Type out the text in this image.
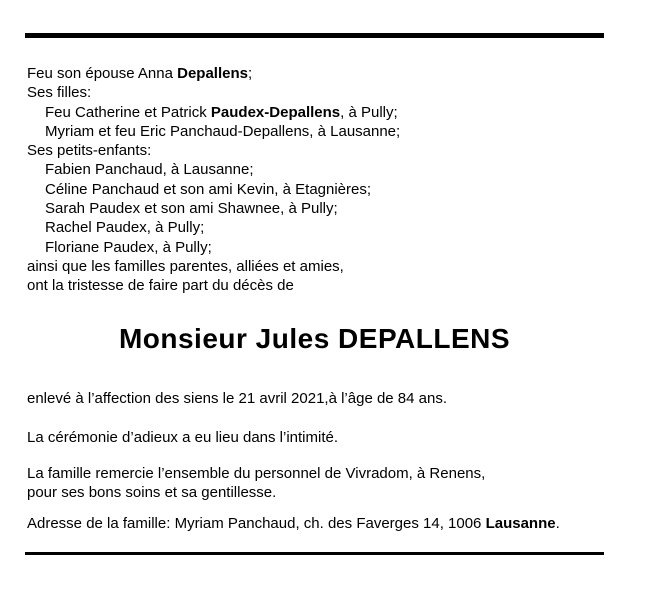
Feu son épouse Anna Depallens;
Ses filles:
Feu Catherine et Patrick Paudex-Depallens, à Pully;
Myriam et feu Eric Panchaud-Depallens, à Lausanne;
Ses petits-enfants:
Fabien Panchaud, à Lausanne;
Céline Panchaud et son ami Kevin, à Etagnières;
Sarah Paudex et son ami Shawnee, à Pully;
Rachel Paudex, à Pully;
Floriane Paudex, à Pully;
ainsi que les familles parentes, alliées et amies,
ont la tristesse de faire part du décès de
Monsieur Jules DEPALLENS
enlevé à l’affection des siens le 21 avril 2021,à l’âge de 84 ans.
La cérémonie d’adieux a eu lieu dans l’intimité.
La famille remercie l’ensemble du personnel de Vivradom, à Renens,
pour ses bons soins et sa gentillesse.
Adresse de la famille: Myriam Panchaud, ch. des Faverges 14, 1006 Lausanne.
